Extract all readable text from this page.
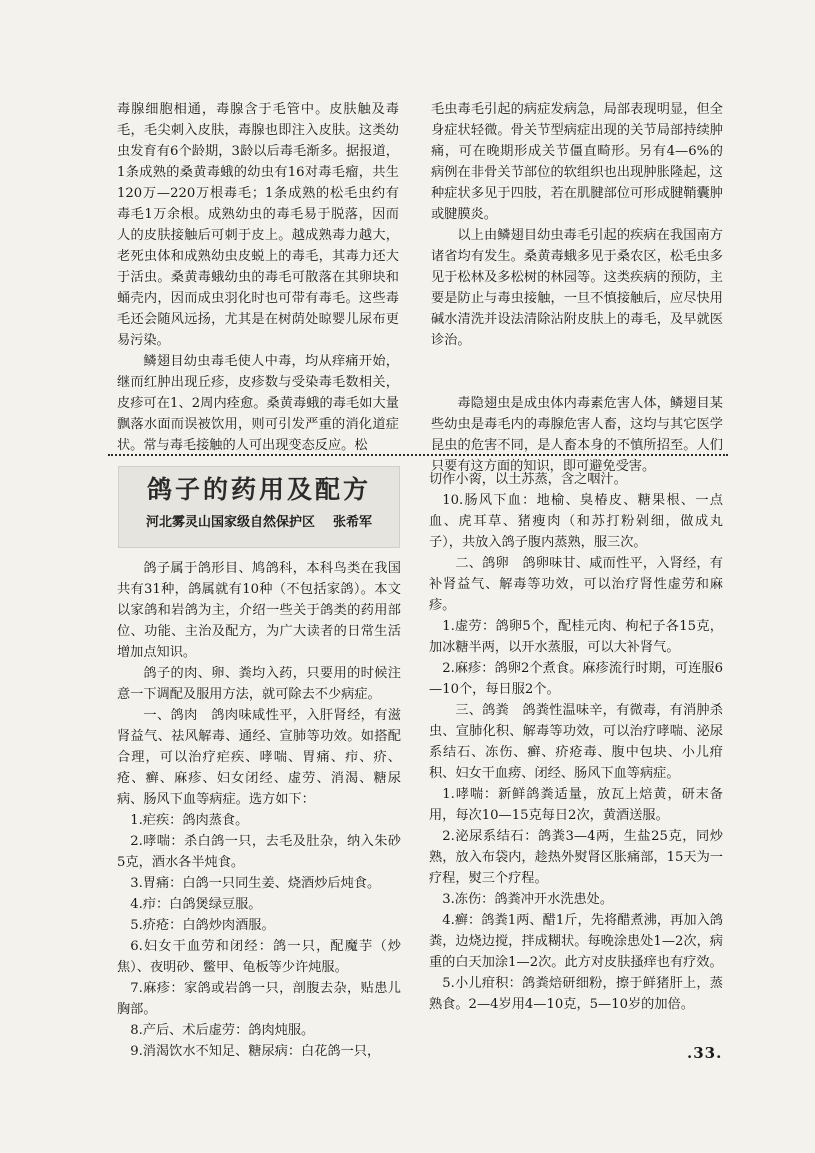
毒腺细胞相通，毒腺含于毛管中。皮肤触及毒毛，毛尖刺入皮肤，毒腺也即注入皮肤。这类幼虫发育有6个龄期，3龄以后毒毛渐多。据报道，1条成熟的桑黄毒蛾的幼虫有16对毒毛瘤，共生120万—220万根毒毛；1条成熟的松毛虫约有毒毛1万余根。成熟幼虫的毒毛易于脱落，因而人的皮肤接触后可刺于皮上。越成熟毒力越大，老死虫体和成熟幼虫皮蜕上的毒毛，其毒力还大于活虫。桑黄毒蛾幼虫的毒毛可散落在其卵块和蛹壳内，因而成虫羽化时也可带有毒毛。这些毒毛还会随风远扬，尤其是在树荫处晾婴儿尿布更易污染。

鳞翅目幼虫毒毛使人中毒，均从痒痛开始，继而红肿出现丘疹，皮疹数与受染毒毛数相关，皮疹可在1、2周内痊愈。桑黄毒蛾的毒毛如大量飘落水面而误被饮用，则可引发严重的消化道症状。常与毒毛接触的人可出现变态反应。松

毛虫毒毛引起的病症发病急，局部表现明显，但全身症状轻微。骨关节型病症出现的关节局部持续肿痛，可在晚期形成关节僵直畸形。另有4—6%的病例在非骨关节部位的软组织也出现肿胀隆起，这种症状多见于四肢，若在肌腱部位可形成腱鞘囊肿或腱膜炎。

以上由鳞翅目幼虫毒毛引起的疾病在我国南方诸省均有发生。桑黄毒蛾多见于桑农区，松毛虫多见于松林及多松树的林园等。这类疾病的预防，主要是防止与毒虫接触，一旦不慎接触后，应尽快用碱水清洗并设法清除沾附皮肤上的毒毛，及早就医诊治。

毒隐翅虫是成虫体内毒素危害人体，鳞翅目某些幼虫是毒毛内的毒腺危害人畜，这均与其它医学昆虫的危害不同，是人畜本身的不慎所招至。人们只要有这方面的知识，即可避免受害。

鸽子的药用及配方
河北雾灵山国家级自然保护区 张希军

鸽子属于鸽形目、鸠鸽科，本科鸟类在我国共有31种，鸽属就有10种（不包括家鸽）。本文以家鸽和岩鸽为主，介绍一些关于鸽类的药用部位、功能、主治及配方，为广大读者的日常生活增加点知识。

鸽子的肉、卵、粪均入药，只要用的时候注意一下调配及服用方法，就可除去不少病症。

一、鸽肉　鸽肉味咸性平，入肝肾经，有滋肾益气、祛风解毒、通经、宣肺等功效。如搭配合理，可以治疗疟疾、哮喘、胃痛、疖、疥、疮、癣、麻疹、妇女闭经、虚劳、消渴、糖尿病、肠风下血等病症。选方如下：

1.疟疾：鸽肉蒸食。

2.哮喘：杀白鸽一只，去毛及肚杂，纳入朱砂5克，酒水各半炖食。

3.胃痛：白鸽一只同生姜、烧酒炒后炖食。

4.疖：白鸽煲绿豆服。

5.疥疮：白鸽炒肉酒服。

6.妇女干血劳和闭经：鸽一只，配魔芋（炒焦）、夜明砂、鳖甲、龟板等少许炖服。

7.麻疹：家鸽或岩鸽一只，剖腹去杂，贴患儿胸部。

8.产后、术后虚劳：鸽肉炖服。

9.消渴饮水不知足、糖尿病：白花鸽一只，

切作小脔，以土苏蒸，含之咽汁。

10.肠风下血：地榆、臭椿皮、糖果根、一点血、虎耳草、猪瘦肉（和苏打粉剁细，做成丸子），共放入鸽子腹内蒸熟，服三次。

二、鸽卵　鸽卵味甘、咸而性平，入肾经，有补肾益气、解毒等功效，可以治疗肾性虚劳和麻疹。

1.虚劳：鸽卵5个，配桂元肉、枸杞子各15克，加冰糖半两，以开水蒸服，可以大补肾气。

2.麻疹：鸽卵2个煮食。麻疹流行时期，可连服6—10个，每日服2个。

三、鸽粪　鸽粪性温味辛，有微毒，有消肿杀虫、宣肺化积、解毒等功效，可以治疗哮喘、泌尿系结石、冻伤、癣、疥疮毒、腹中包块、小儿疳积、妇女干血痨、闭经、肠风下血等病症。

1.哮喘：新鲜鸽粪适量，放瓦上焙黄，研末备用，每次10—15克每日2次，黄酒送服。

2.泌尿系结石：鸽粪3—4两，生盐25克，同炒熟，放入布袋内，趁热外熨肾区胀痛部，15天为一疗程，熨三个疗程。

3.冻伤：鸽粪冲开水洗患处。

4.癣：鸽粪1两、醋1斤，先将醋煮沸，再加入鸽粪，边烧边搅，拌成糊状。每晚涂患处1—2次，病重的白天加涂1—2次。此方对皮肤搔痒也有疗效。

5.小儿疳积：鸽粪焙研细粉，擦于鲜猪肝上，蒸熟食。2—4岁用4—10克，5—10岁的加倍。

.33.
